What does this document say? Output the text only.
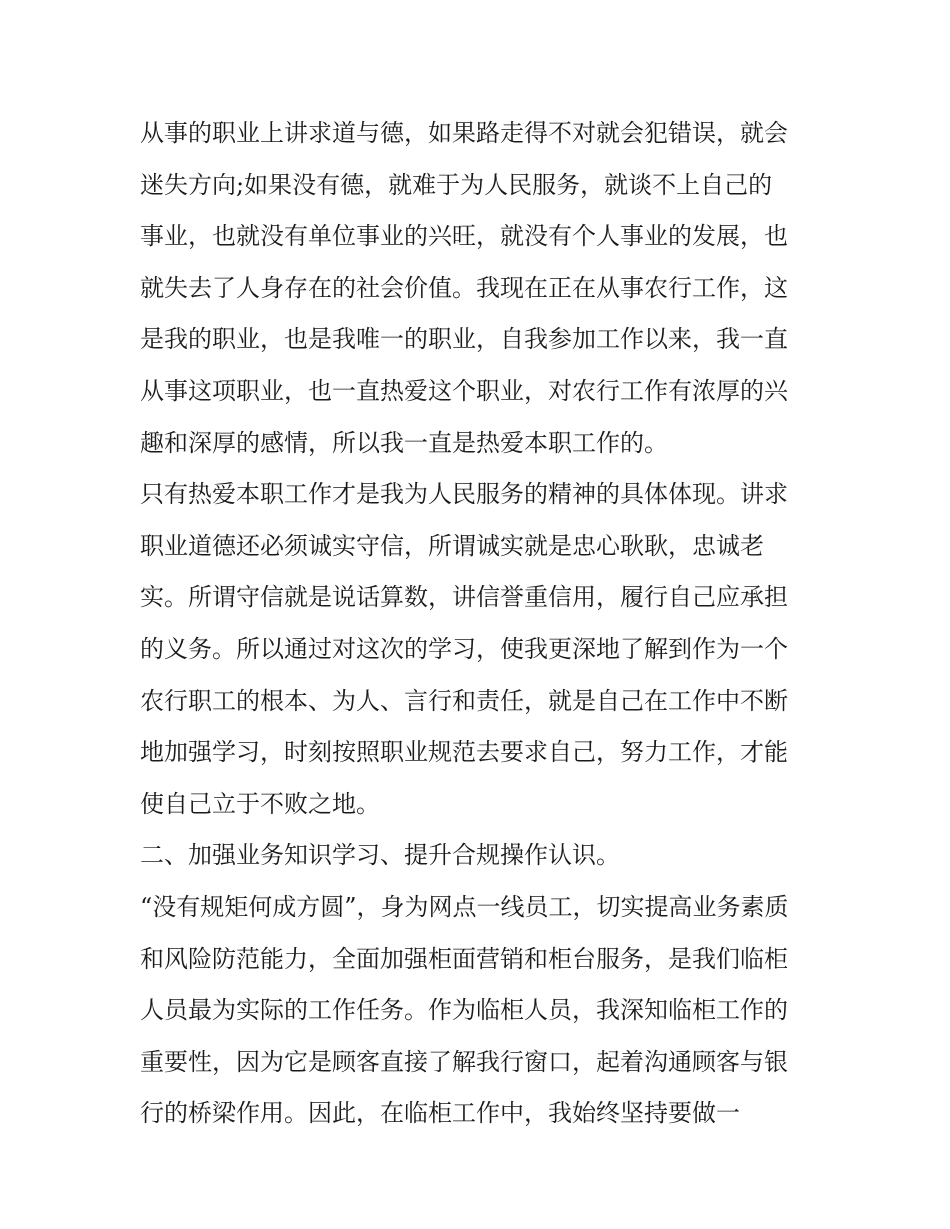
从事的职业上讲求道与德，如果路走得不对就会犯错误，就会
迷失方向;如果没有德，就难于为人民服务，就谈不上自己的
事业，也就没有单位事业的兴旺，就没有个人事业的发展，也
就失去了人身存在的社会价值。我现在正在从事农行工作，这
是我的职业，也是我唯一的职业，自我参加工作以来，我一直
从事这项职业，也一直热爱这个职业，对农行工作有浓厚的兴
趣和深厚的感情，所以我一直是热爱本职工作的。
只有热爱本职工作才是我为人民服务的精神的具体体现。讲求
职业道德还必须诚实守信，所谓诚实就是忠心耿耿，忠诚老
实。所谓守信就是说话算数，讲信誉重信用，履行自己应承担
的义务。所以通过对这次的学习，使我更深地了解到作为一个
农行职工的根本、为人、言行和责任，就是自己在工作中不断
地加强学习，时刻按照职业规范去要求自己，努力工作，才能
使自己立于不败之地。
二、加强业务知识学习、提升合规操作认识。
“没有规矩何成方圆”，身为网点一线员工，切实提高业务素质
和风险防范能力，全面加强柜面营销和柜台服务，是我们临柜
人员最为实际的工作任务。作为临柜人员，我深知临柜工作的
重要性，因为它是顾客直接了解我行窗口，起着沟通顾客与银
行的桥梁作用。因此，在临柜工作中，我始终坚持要做一
